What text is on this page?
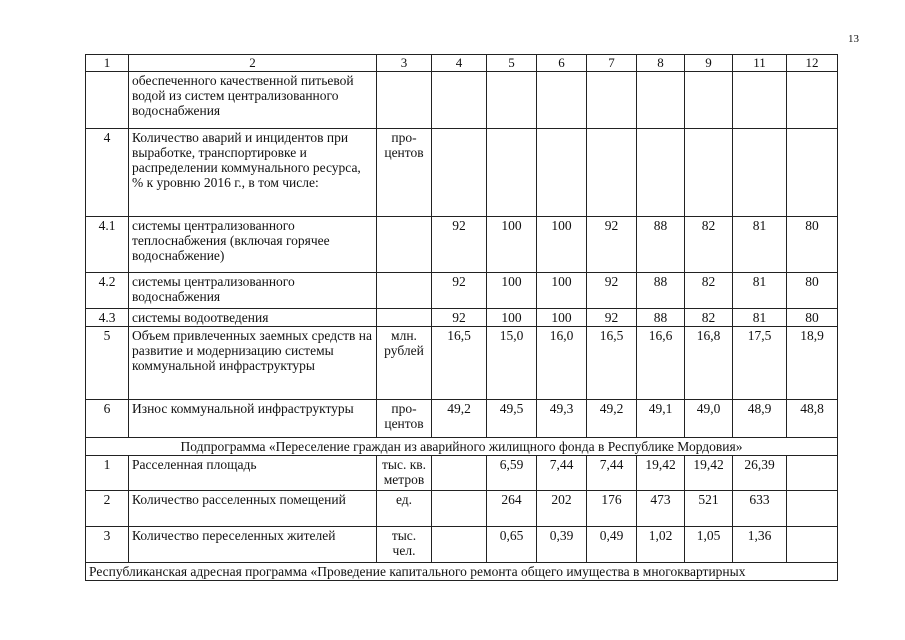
13
1	2	3	4	5	6	7	8	9	11	12
	обеспеченного качественной питьевой водой из систем централизованного водоснабжения									
4	Количество аварий и инцидентов при выработке, транспортировке и распределении коммунального ресурса, % к уровню 2016 г., в том числе:	про-центов								
4.1	системы централизованного теплоснабжения (включая горячее водоснабжение)		92	100	100	92	88	82	81	80
4.2	системы централизованного водоснабжения		92	100	100	92	88	82	81	80
4.3	системы водоотведения		92	100	100	92	88	82	81	80
5	Объем привлеченных заемных средств на развитие и модернизацию системы коммунальной инфраструктуры	млн. рублей	16,5	15,0	16,0	16,5	16,6	16,8	17,5	18,9
6	Износ коммунальной инфраструктуры	про-центов	49,2	49,5	49,3	49,2	49,1	49,0	48,9	48,8
Подпрограмма «Переселение граждан из аварийного жилищного фонда в Республике Мордовия»										
1	Расселенная площадь	тыс. кв. метров		6,59	7,44	7,44	19,42	19,42	26,39	
2	Количество расселенных помещений	ед.		264	202	176	473	521	633	
3	Количество переселенных жителей	тыс. чел.		0,65	0,39	0,49	1,02	1,05	1,36	
Республиканская адресная программа «Проведение капитального ремонта общего имущества в многоквартирных										
